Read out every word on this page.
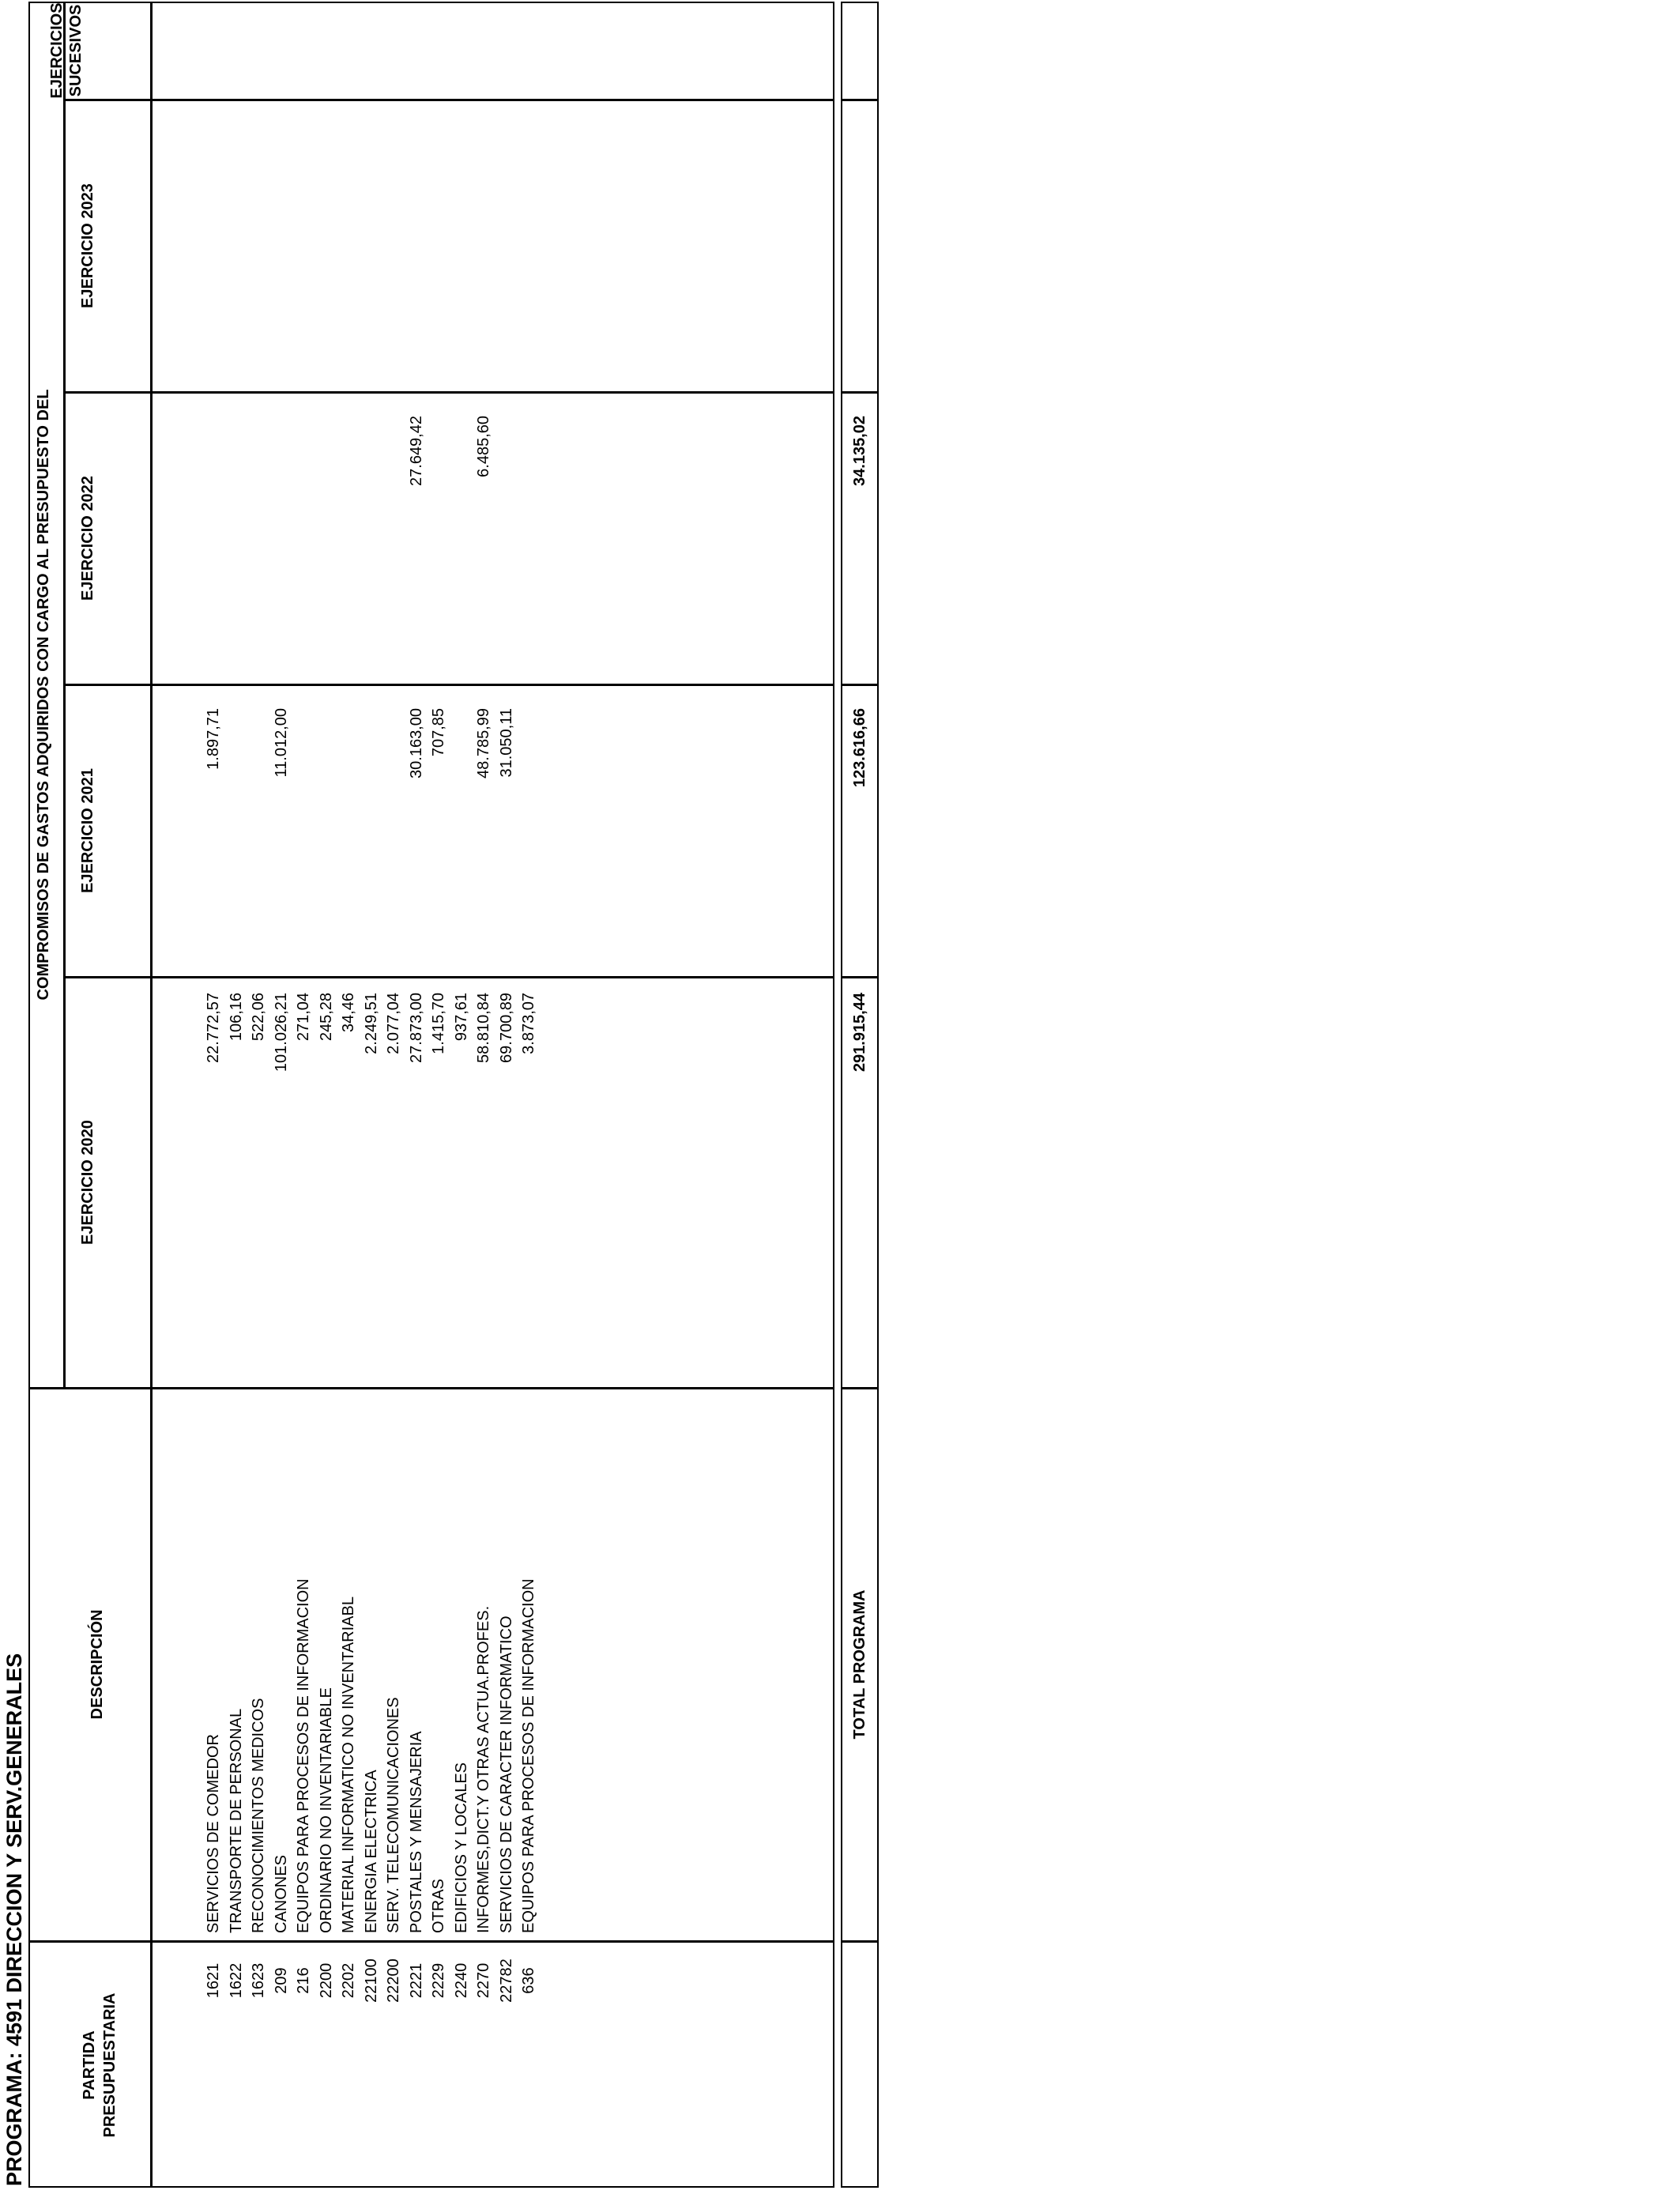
PROGRAMA: 4591 DIRECCION Y SERV.GENERALES	PARTIDA PRESUPUESTARIA
DESCRIPCIÓN
COMPROMISOS DE GASTOS ADQUIRIDOS CON CARGO AL PRESUPUESTO DEL
EJERCICIO 2020
EJERCICIO 2021
EJERCICIO 2022
EJERCICIO 2023
EJERCICIOS SUCESIVOS
1621
SERVICIOS DE COMEDOR
22.772,57
1.897,71
1622
TRANSPORTE DE PERSONAL
106,16
1623
RECONOCIMIENTOS MEDICOS
522,06
209
CANONES
101.026,21
11.012,00
216
EQUIPOS PARA PROCESOS DE INFORMACION
271,04
2200
ORDINARIO NO INVENTARIABLE
245,28
2202
MATERIAL INFORMATICO NO INVENTARIABL
34,46
22100
ENERGIA ELECTRICA
2.249,51
22200
SERV. TELECOMUNICACIONES
2.077,04
2221
POSTALES Y MENSAJERIA
27.873,00
30.163,00
27.649,42
2229
OTRAS
1.415,70
707,85
2240
EDIFICIOS Y LOCALES
937,61
2270
INFORMES,DICT.Y OTRAS ACTUA.PROFES.
58.810,84
48.785,99
6.485,60
22782
SERVICIOS DE CARACTER INFORMATICO
69.700,89
31.050,11
636
EQUIPOS PARA PROCESOS DE INFORMACION
3.873,07
TOTAL PROGRAMA
291.915,44
123.616,66
34.135,02
